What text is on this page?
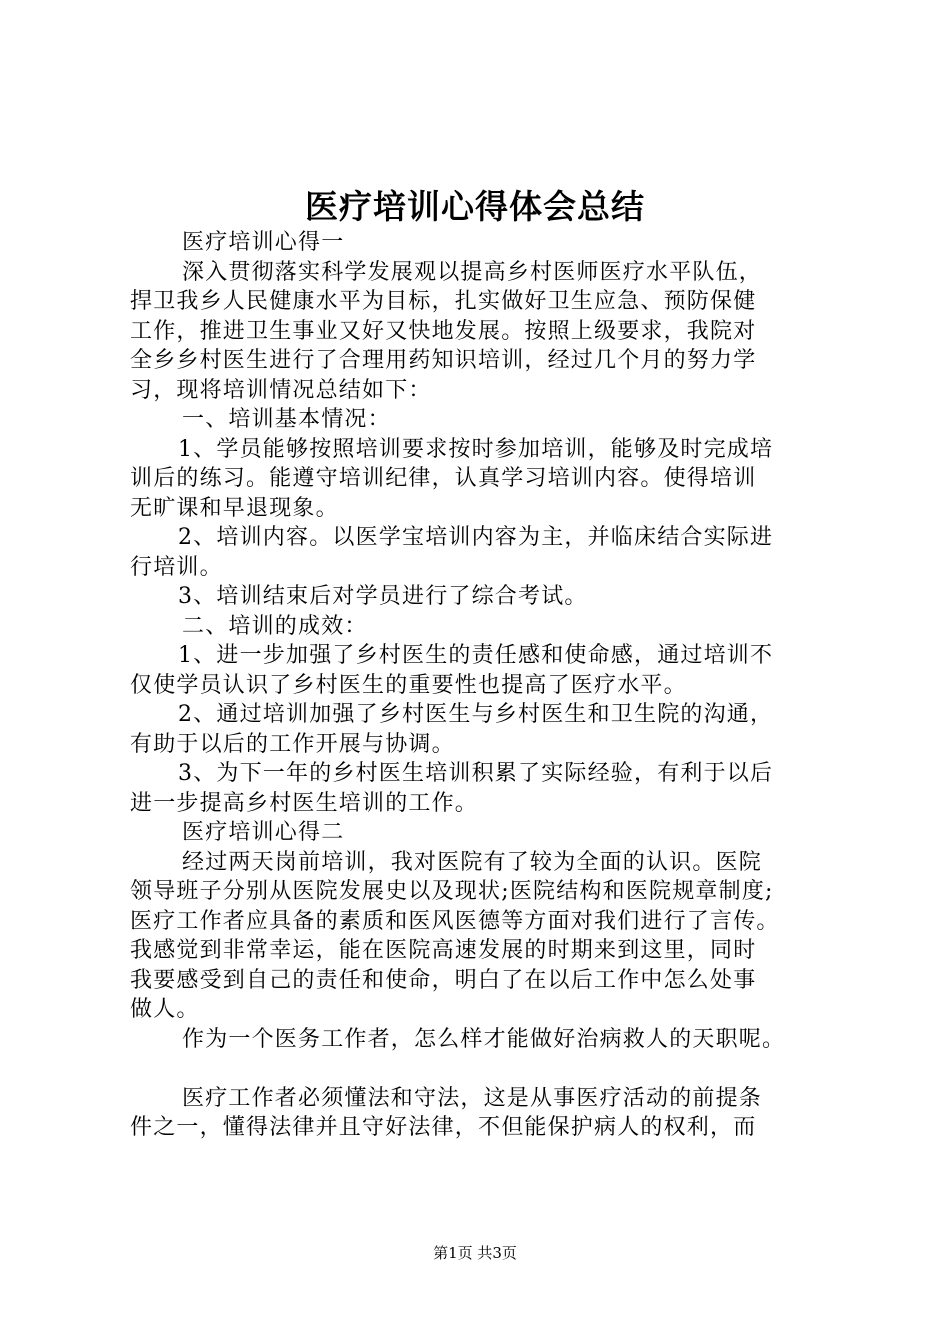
医疗培训心得体会总结
医疗培训心得一
深入贯彻落实科学发展观以提高乡村医师医疗水平队伍，
捍卫我乡人民健康水平为目标，扎实做好卫生应急、预防保健
工作，推进卫生事业又好又快地发展。按照上级要求，我院对
全乡乡村医生进行了合理用药知识培训，经过几个月的努力学
习，现将培训情况总结如下：
一、培训基本情况：
1、学员能够按照培训要求按时参加培训，能够及时完成培
训后的练习。能遵守培训纪律，认真学习培训内容。使得培训
无旷课和早退现象。
2、培训内容。以医学宝培训内容为主，并临床结合实际进
行培训。
3、培训结束后对学员进行了综合考试。
二、培训的成效：
1、进一步加强了乡村医生的责任感和使命感，通过培训不
仅使学员认识了乡村医生的重要性也提高了医疗水平。
2、通过培训加强了乡村医生与乡村医生和卫生院的沟通，
有助于以后的工作开展与协调。
3、为下一年的乡村医生培训积累了实际经验，有利于以后
进一步提高乡村医生培训的工作。
医疗培训心得二
经过两天岗前培训，我对医院有了较为全面的认识。医院
领导班子分别从医院发展史以及现状;医院结构和医院规章制度;
医疗工作者应具备的素质和医风医德等方面对我们进行了言传。
我感觉到非常幸运，能在医院高速发展的时期来到这里，同时
我要感受到自己的责任和使命，明白了在以后工作中怎么处事
做人。
作为一个医务工作者，怎么样才能做好治病救人的天职呢。
医疗工作者必须懂法和守法，这是从事医疗活动的前提条
件之一，懂得法律并且守好法律，不但能保护病人的权利，而
第1页 共3页
